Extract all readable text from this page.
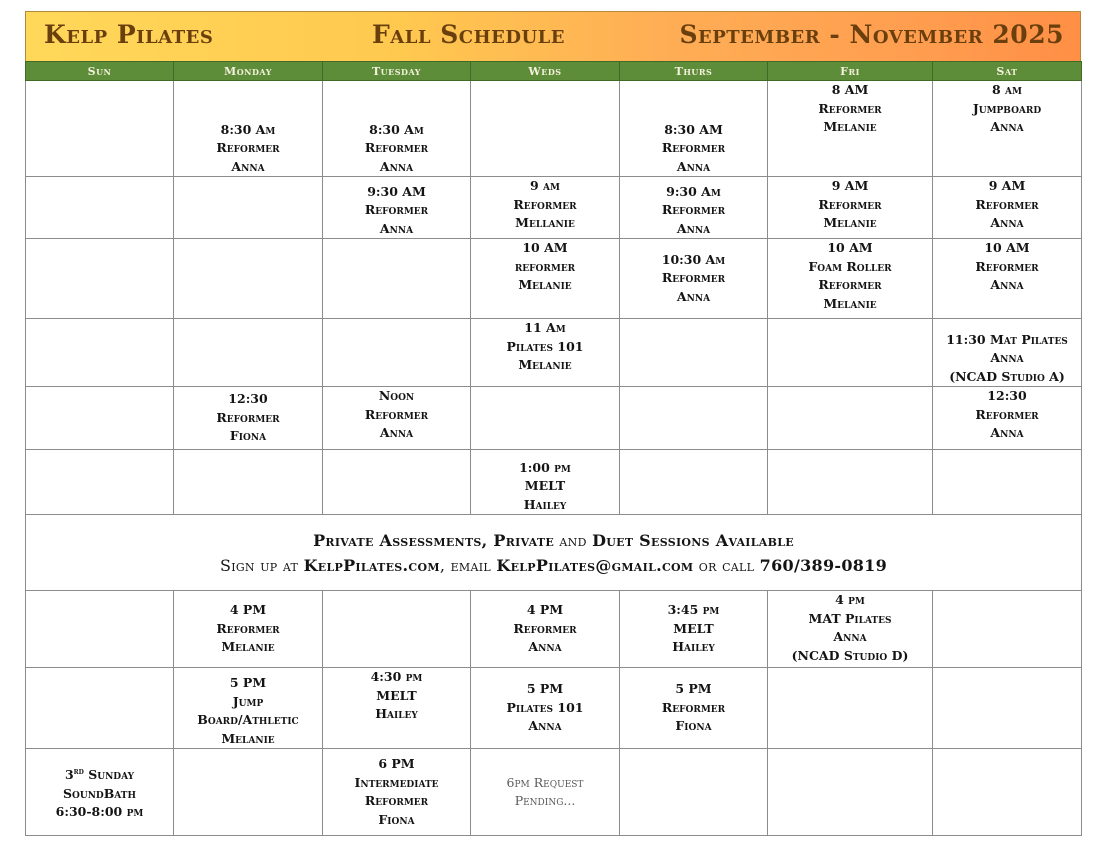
Kelp Pilates	Fall Schedule	September - November 2025
Sun	Monday	Tuesday	Weds	Thurs	Fri	Sat

	8:30 Am
Reformer
Anna	8:30 Am
Reformer
Anna		8:30 AM
Reformer
Anna	8 AM
Reformer
Melanie	8 am
Jumpboard
Anna

		9:30 AM
Reformer
Anna	9 am
Reformer
Mellanie	9:30 Am
Reformer
Anna	9 AM
Reformer
Melanie	9 AM
Reformer
Anna

			10 AM
reformer
Melanie	10:30 Am
Reformer
Anna	10 AM
Foam Roller
Reformer
Melanie	10 AM
Reformer
Anna

			11 Am
Pilates 101
Melanie			11:30 Mat Pilates
Anna
(NCAD Studio A)

	12:30
Reformer
Fiona	Noon
Reformer
Anna				12:30
Reformer
Anna

			1:00 pm
MELT
Hailey			

Private Assessments, Private and Duet Sessions Available
Sign up at KelpPilates.com, email KelpPilates@gmail.com or call 760/389-0819						

	4 PM
Reformer
Melanie		4 PM
Reformer
Anna	3:45 pm
MELT
Hailey	4 pm
MAT Pilates
Anna
(NCAD Studio D)	

	5 PM
Jump
Board/Athletic
Melanie	4:30 pm
MELT
Hailey	5 PM
Pilates 101
Anna	5 PM
Reformer
Fiona		

3rd Sunday
SoundBath
6:30-8:00 pm		6 PM
Intermediate
Reformer
Fiona	6pm Request
Pending...			
